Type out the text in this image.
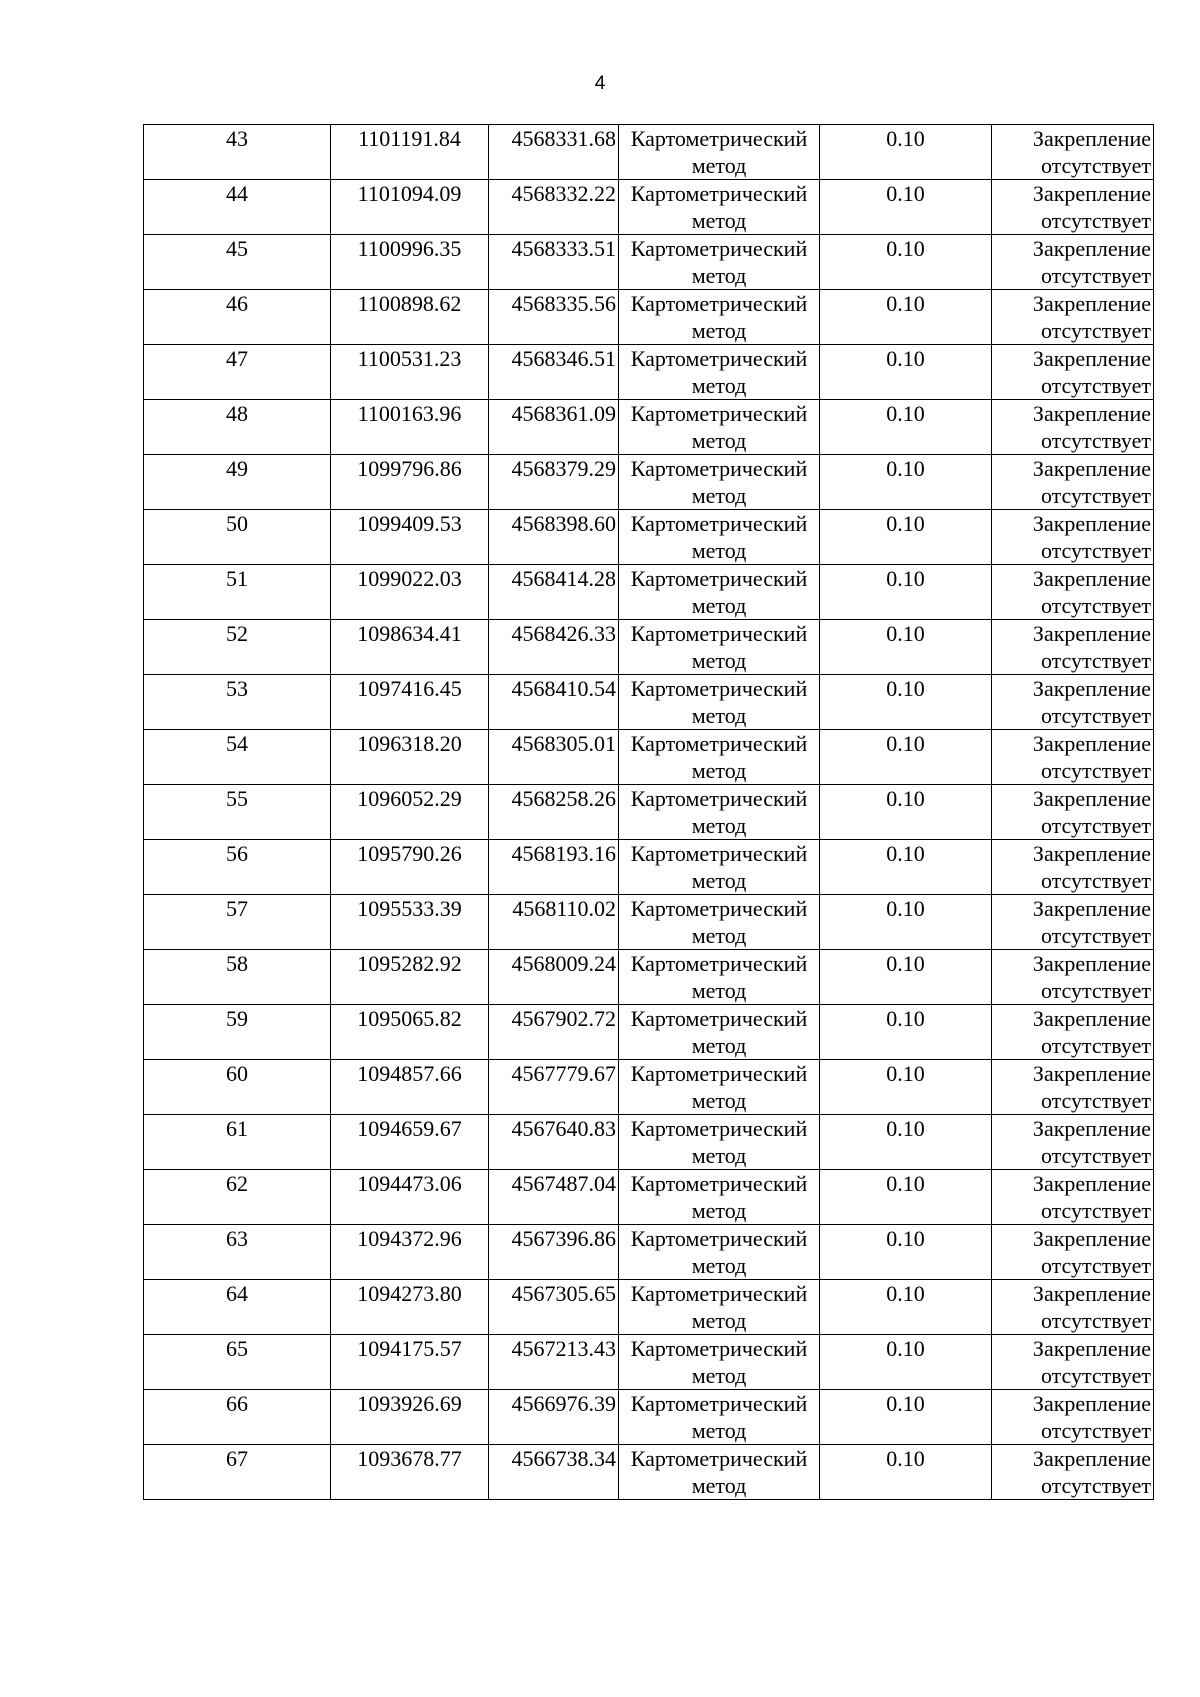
4
43	1101191.84	4568331.68	Картометрический метод	0.10	Закрепление отсутствует
44	1101094.09	4568332.22	Картометрический метод	0.10	Закрепление отсутствует
45	1100996.35	4568333.51	Картометрический метод	0.10	Закрепление отсутствует
46	1100898.62	4568335.56	Картометрический метод	0.10	Закрепление отсутствует
47	1100531.23	4568346.51	Картометрический метод	0.10	Закрепление отсутствует
48	1100163.96	4568361.09	Картометрический метод	0.10	Закрепление отсутствует
49	1099796.86	4568379.29	Картометрический метод	0.10	Закрепление отсутствует
50	1099409.53	4568398.60	Картометрический метод	0.10	Закрепление отсутствует
51	1099022.03	4568414.28	Картометрический метод	0.10	Закрепление отсутствует
52	1098634.41	4568426.33	Картометрический метод	0.10	Закрепление отсутствует
53	1097416.45	4568410.54	Картометрический метод	0.10	Закрепление отсутствует
54	1096318.20	4568305.01	Картометрический метод	0.10	Закрепление отсутствует
55	1096052.29	4568258.26	Картометрический метод	0.10	Закрепление отсутствует
56	1095790.26	4568193.16	Картометрический метод	0.10	Закрепление отсутствует
57	1095533.39	4568110.02	Картометрический метод	0.10	Закрепление отсутствует
58	1095282.92	4568009.24	Картометрический метод	0.10	Закрепление отсутствует
59	1095065.82	4567902.72	Картометрический метод	0.10	Закрепление отсутствует
60	1094857.66	4567779.67	Картометрический метод	0.10	Закрепление отсутствует
61	1094659.67	4567640.83	Картометрический метод	0.10	Закрепление отсутствует
62	1094473.06	4567487.04	Картометрический метод	0.10	Закрепление отсутствует
63	1094372.96	4567396.86	Картометрический метод	0.10	Закрепление отсутствует
64	1094273.80	4567305.65	Картометрический метод	0.10	Закрепление отсутствует
65	1094175.57	4567213.43	Картометрический метод	0.10	Закрепление отсутствует
66	1093926.69	4566976.39	Картометрический метод	0.10	Закрепление отсутствует
67	1093678.77	4566738.34	Картометрический метод	0.10	Закрепление отсутствует
